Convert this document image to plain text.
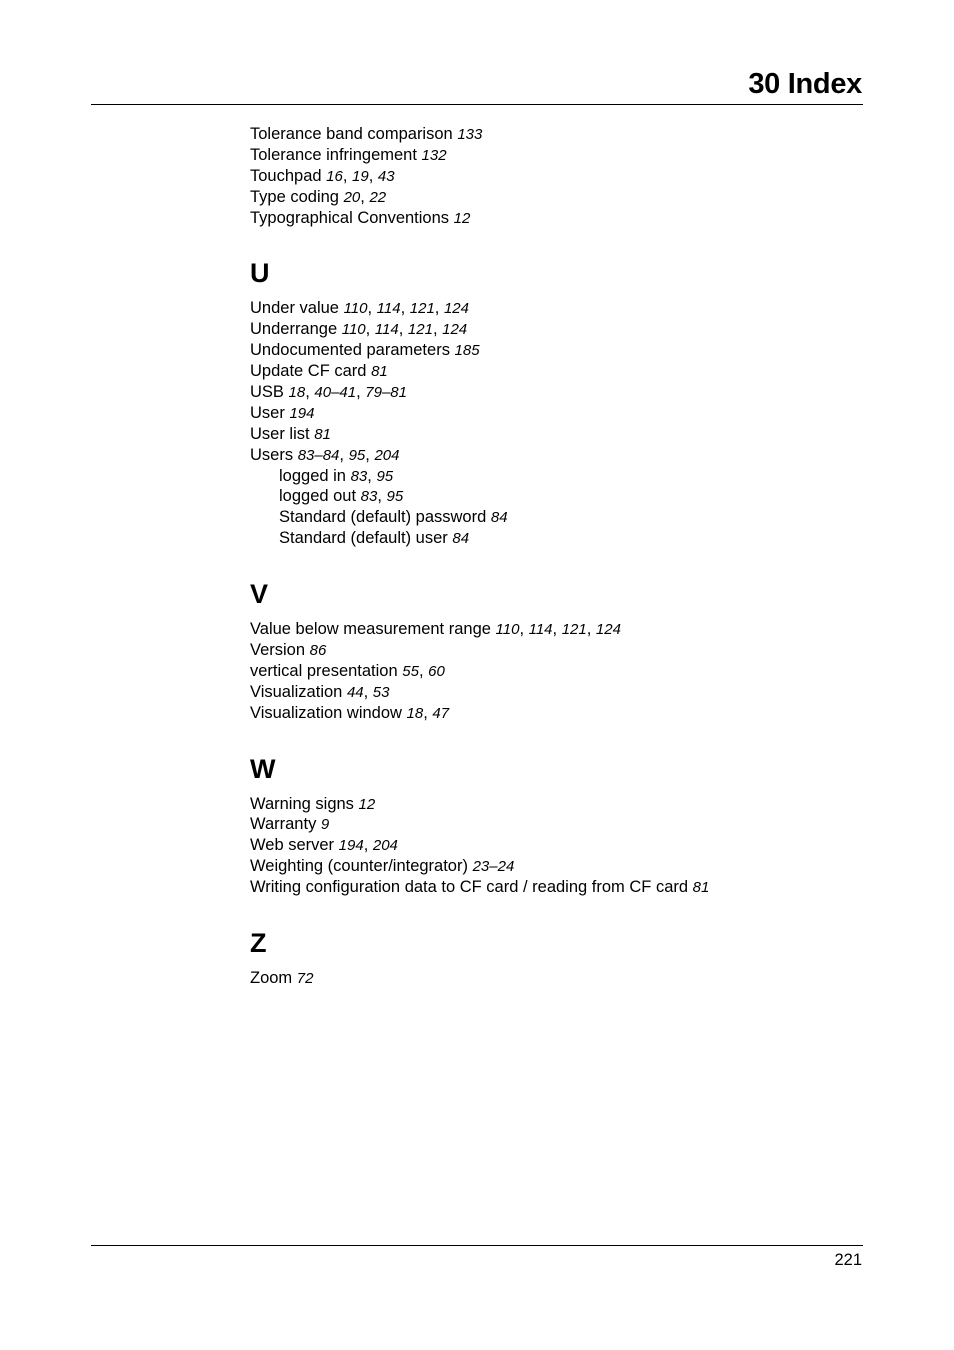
30 Index
Tolerance band comparison 133
Tolerance infringement 132
Touchpad 16, 19, 43
Type coding 20, 22
Typographical Conventions 12
U
Under value 110, 114, 121, 124
Underrange 110, 114, 121, 124
Undocumented parameters 185
Update CF card 81
USB 18, 40–41, 79–81
User 194
User list 81
Users 83–84, 95, 204
logged in 83, 95
logged out 83, 95
Standard (default) password 84
Standard (default) user 84
V
Value below measurement range 110, 114, 121, 124
Version 86
vertical presentation 55, 60
Visualization 44, 53
Visualization window 18, 47
W
Warning signs 12
Warranty 9
Web server 194, 204
Weighting (counter/integrator) 23–24
Writing configuration data to CF card / reading from CF card 81
Z
Zoom 72
221
